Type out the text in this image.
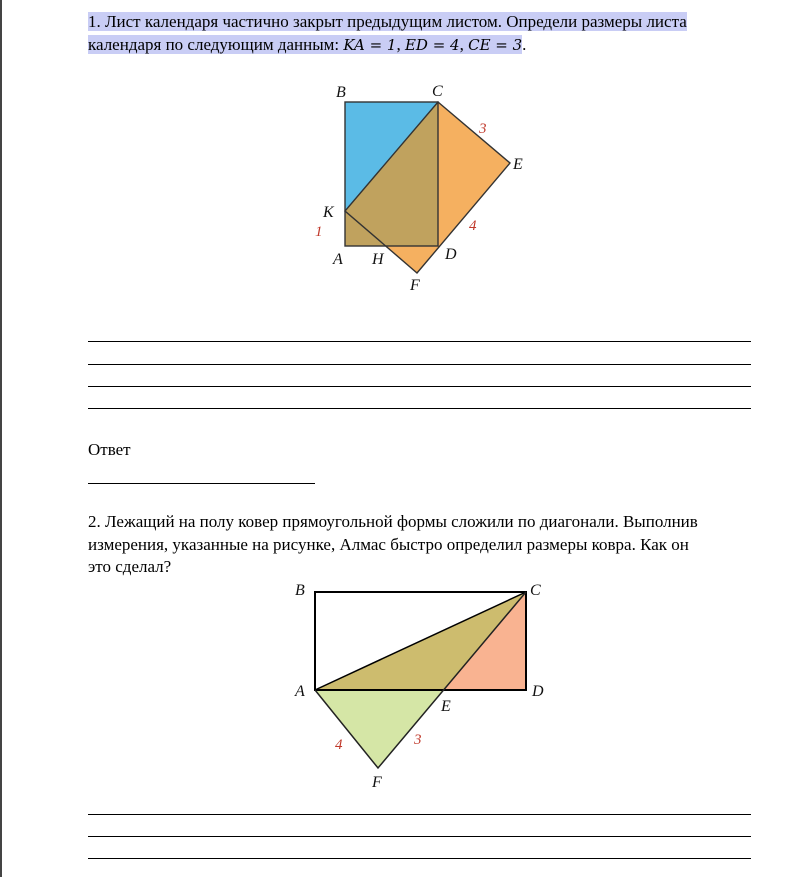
1. Лист календаря частично закрыт предыдущим листом. Определи размеры листа
календаря по следующим данным: KA = 1, ED = 4, CE = 3.
B	C
E
K
A H	D
F
3
4
1
B	C
A	D
E
F
4	3
Ответ
2. Лежащий на полу ковер прямоугольной формы сложили по диагонали. Выполнив
измерения, указанные на рисунке, Алмас быстро определил размеры ковра. Как он
это сделал?
